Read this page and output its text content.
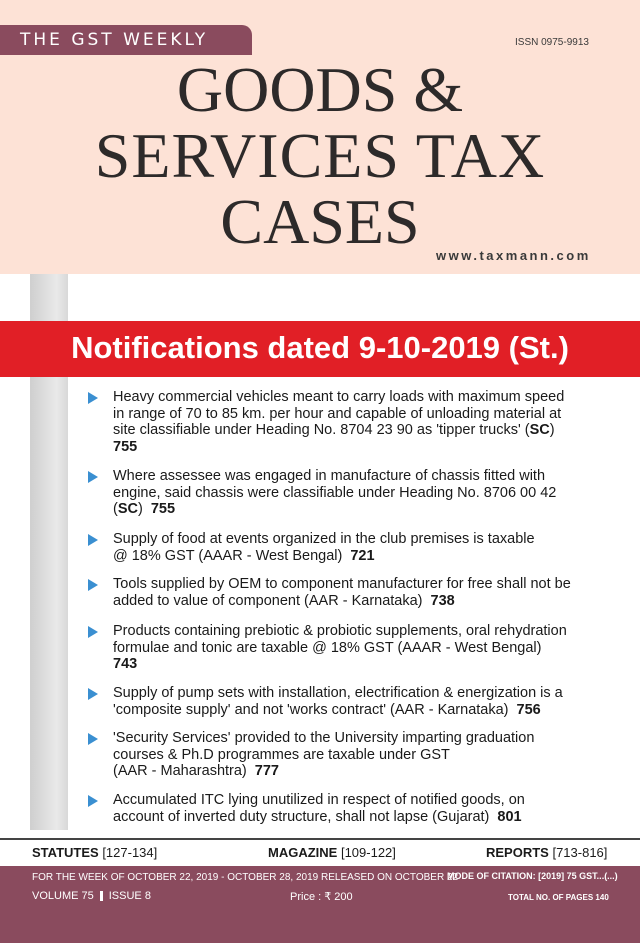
THE GST WEEKLY	ISSN 0975-9913
GOODS &
SERVICES TAX
CASES	www.taxmann.com
Notifications dated 9-10-2019 (St.)
Heavy commercial vehicles meant to carry loads with maximum speed
in range of 70 to 85 km. per hour and capable of unloading material at
site classifiable under Heading No. 8704 23 90 as 'tipper trucks' (SC)
755
Where assessee was engaged in manufacture of chassis fitted with
engine, said chassis were classifiable under Heading No. 8706 00 42
(SC) 755
Supply of food at events organized in the club premises is taxable
@ 18% GST (AAAR - West Bengal) 721
Tools supplied by OEM to component manufacturer for free shall not be
added to value of component (AAR - Karnataka) 738
Products containing prebiotic & probiotic supplements, oral rehydration
formulae and tonic are taxable @ 18% GST (AAAR - West Bengal)
743
Supply of pump sets with installation, electrification & energization is a
'composite supply' and not 'works contract' (AAR - Karnataka) 756
'Security Services' provided to the University imparting graduation
courses & Ph.D programmes are taxable under GST
(AAR - Maharashtra) 777
Accumulated ITC lying unutilized in respect of notified goods, on
account of inverted duty structure, shall not lapse (Gujarat) 801
STATUTES [127-134]	MAGAZINE [109-122]	REPORTS [713-816]
FOR THE WEEK OF OCTOBER 22, 2019 - OCTOBER 28, 2019 RELEASED ON OCTOBER 22
VOLUME 75 ISSUE 8	Price : ₹ 200
MODE OF CITATION: [2019] 75 GST...(...)
TOTAL NO. OF PAGES 140
